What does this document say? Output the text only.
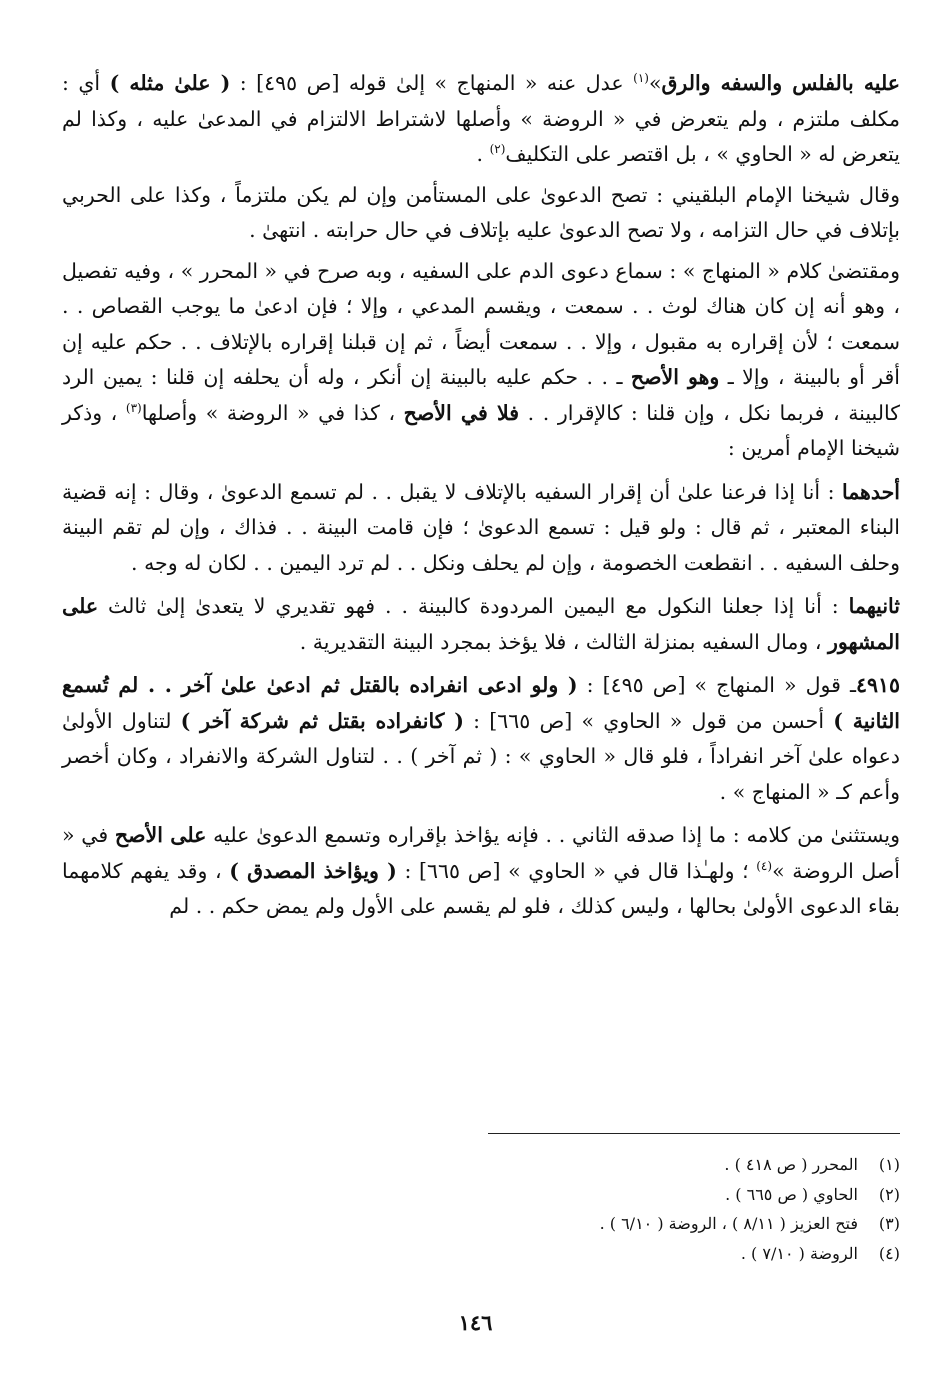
عليه بالفلس والسفه والرق»$^{(١)}$ عدل عنه « المنهاج » إلىٰ قوله [ص ٤٩٥] : ( علىٰ مثله ) أي : مكلف ملتزم ، ولم يتعرض في « الروضة » وأصلها لاشتراط الالتزام في المدعىٰ عليه ، وكذا لم يتعرض له « الحاوي » ، بل اقتصر على التكليف$^{(٢)}$ .

وقال شيخنا الإمام البلقيني : تصح الدعوىٰ على المستأمن وإن لم يكن ملتزماً ، وكذا على الحربي بإتلاف في حال التزامه ، ولا تصح الدعوىٰ عليه بإتلاف في حال حرابته . انتهىٰ .

ومقتضىٰ كلام « المنهاج » : سماع دعوى الدم على السفيه ، وبه صرح في « المحرر » ، وفيه تفصيل ، وهو أنه إن كان هناك لوث . . سمعت ، ويقسم المدعي ، وإلا ؛ فإن ادعىٰ ما يوجب القصاص . . سمعت ؛ لأن إقراره به مقبول ، وإلا . . سمعت أيضاً ، ثم إن قبلنا إقراره بالإتلاف . . حكم عليه إن أقر أو بالبينة ، وإلا ـ وهو الأصح ـ . . حكم عليه بالبينة إن أنكر ، وله أن يحلفه إن قلنا : يمين الرد كالبينة ، فربما نكل ، وإن قلنا : كالإقرار . . فلا في الأصح ، كذا في « الروضة » وأصلها$^{(٣)}$ ، وذكر شيخنا الإمام أمرين :

أحدهما : أنا إذا فرعنا علىٰ أن إقرار السفيه بالإتلاف لا يقبل . . لم تسمع الدعوىٰ ، وقال : إنه قضية البناء المعتبر ، ثم قال : ولو قيل : تسمع الدعوىٰ ؛ فإن قامت البينة . . فذاك ، وإن لم تقم البينة وحلف السفيه . . انقطعت الخصومة ، وإن لم يحلف ونكل . . لم ترد اليمين . . لكان له وجه .

ثانيهما : أنا إذا جعلنا النكول مع اليمين المردودة كالبينة . . فهو تقديري لا يتعدىٰ إلىٰ ثالث على المشهور ، ومال السفيه بمنزلة الثالث ، فلا يؤخذ بمجرد البينة التقديرية .

٤٩١٥ـ قول « المنهاج » [ص ٤٩٥] : ( ولو ادعى انفراده بالقتل ثم ادعىٰ علىٰ آخر . . لم تُسمع الثانية ) أحسن من قول « الحاوي » [ص ٦٦٥] : ( كانفراده بقتل ثم شركة آخر ) لتناول الأولىٰ دعواه علىٰ آخر انفراداً ، فلو قال « الحاوي » : ( ثم آخر ) . . لتناول الشركة والانفراد ، وكان أخصر وأعم كـ « المنهاج » .

ويستثنىٰ من كلامه : ما إذا صدقه الثاني . . فإنه يؤاخذ بإقراره وتسمع الدعوىٰ عليه على الأصح في « أصل الروضة »$^{(٤)}$ ؛ ولهـٰذا قال في « الحاوي » [ص ٦٦٥] : ( ويؤاخذ المصدق ) ، وقد يفهم كلامهما بقاء الدعوى الأولىٰ بحالها ، وليس كذلك ، فلو لم يقسم على الأول ولم يمض حكم . . لم

(١)المحرر ( ص ٤١٨ ) .
(٢)الحاوي ( ص ٦٦٥ ) .
(٣)فتح العزيز ( ٨/١١ ) ، الروضة ( ٦/١٠ ) .
(٤)الروضة ( ٧/١٠ ) .
١٤٦
